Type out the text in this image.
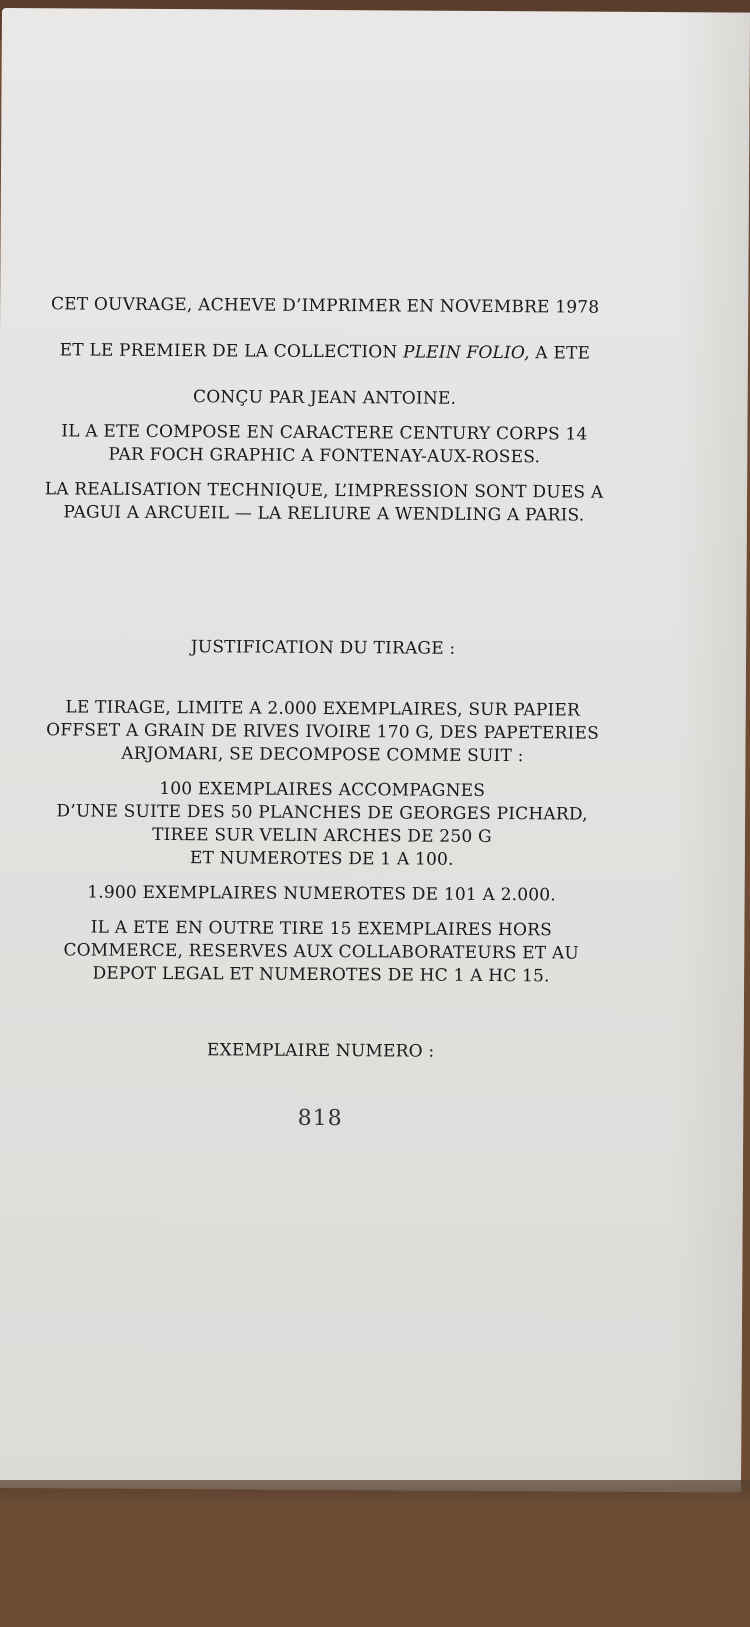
CET OUVRAGE, ACHEVE D’IMPRIMER EN NOVEMBRE 1978

ET LE PREMIER DE LA COLLECTION PLEIN FOLIO, A ETE

CONÇU PAR JEAN ANTOINE.

IL A ETE COMPOSE EN CARACTERE CENTURY CORPS 14
PAR FOCH GRAPHIC A FONTENAY-AUX-ROSES.

LA REALISATION TECHNIQUE, L’IMPRESSION SONT DUES A
PAGUI A ARCUEIL — LA RELIURE A WENDLING A PARIS.

JUSTIFICATION DU TIRAGE :

LE TIRAGE, LIMITE A 2.000 EXEMPLAIRES, SUR PAPIER
OFFSET A GRAIN DE RIVES IVOIRE 170 G, DES PAPETERIES
ARJOMARI, SE DECOMPOSE COMME SUIT :

100 EXEMPLAIRES ACCOMPAGNES
D’UNE SUITE DES 50 PLANCHES DE GEORGES PICHARD,
TIREE SUR VELIN ARCHES DE 250 G
ET NUMEROTES DE 1 A 100.

1.900 EXEMPLAIRES NUMEROTES DE 101 A 2.000.

IL A ETE EN OUTRE TIRE 15 EXEMPLAIRES HORS
COMMERCE, RESERVES AUX COLLABORATEURS ET AU
DEPOT LEGAL ET NUMEROTES DE HC 1 A HC 15.

EXEMPLAIRE NUMERO :
818
